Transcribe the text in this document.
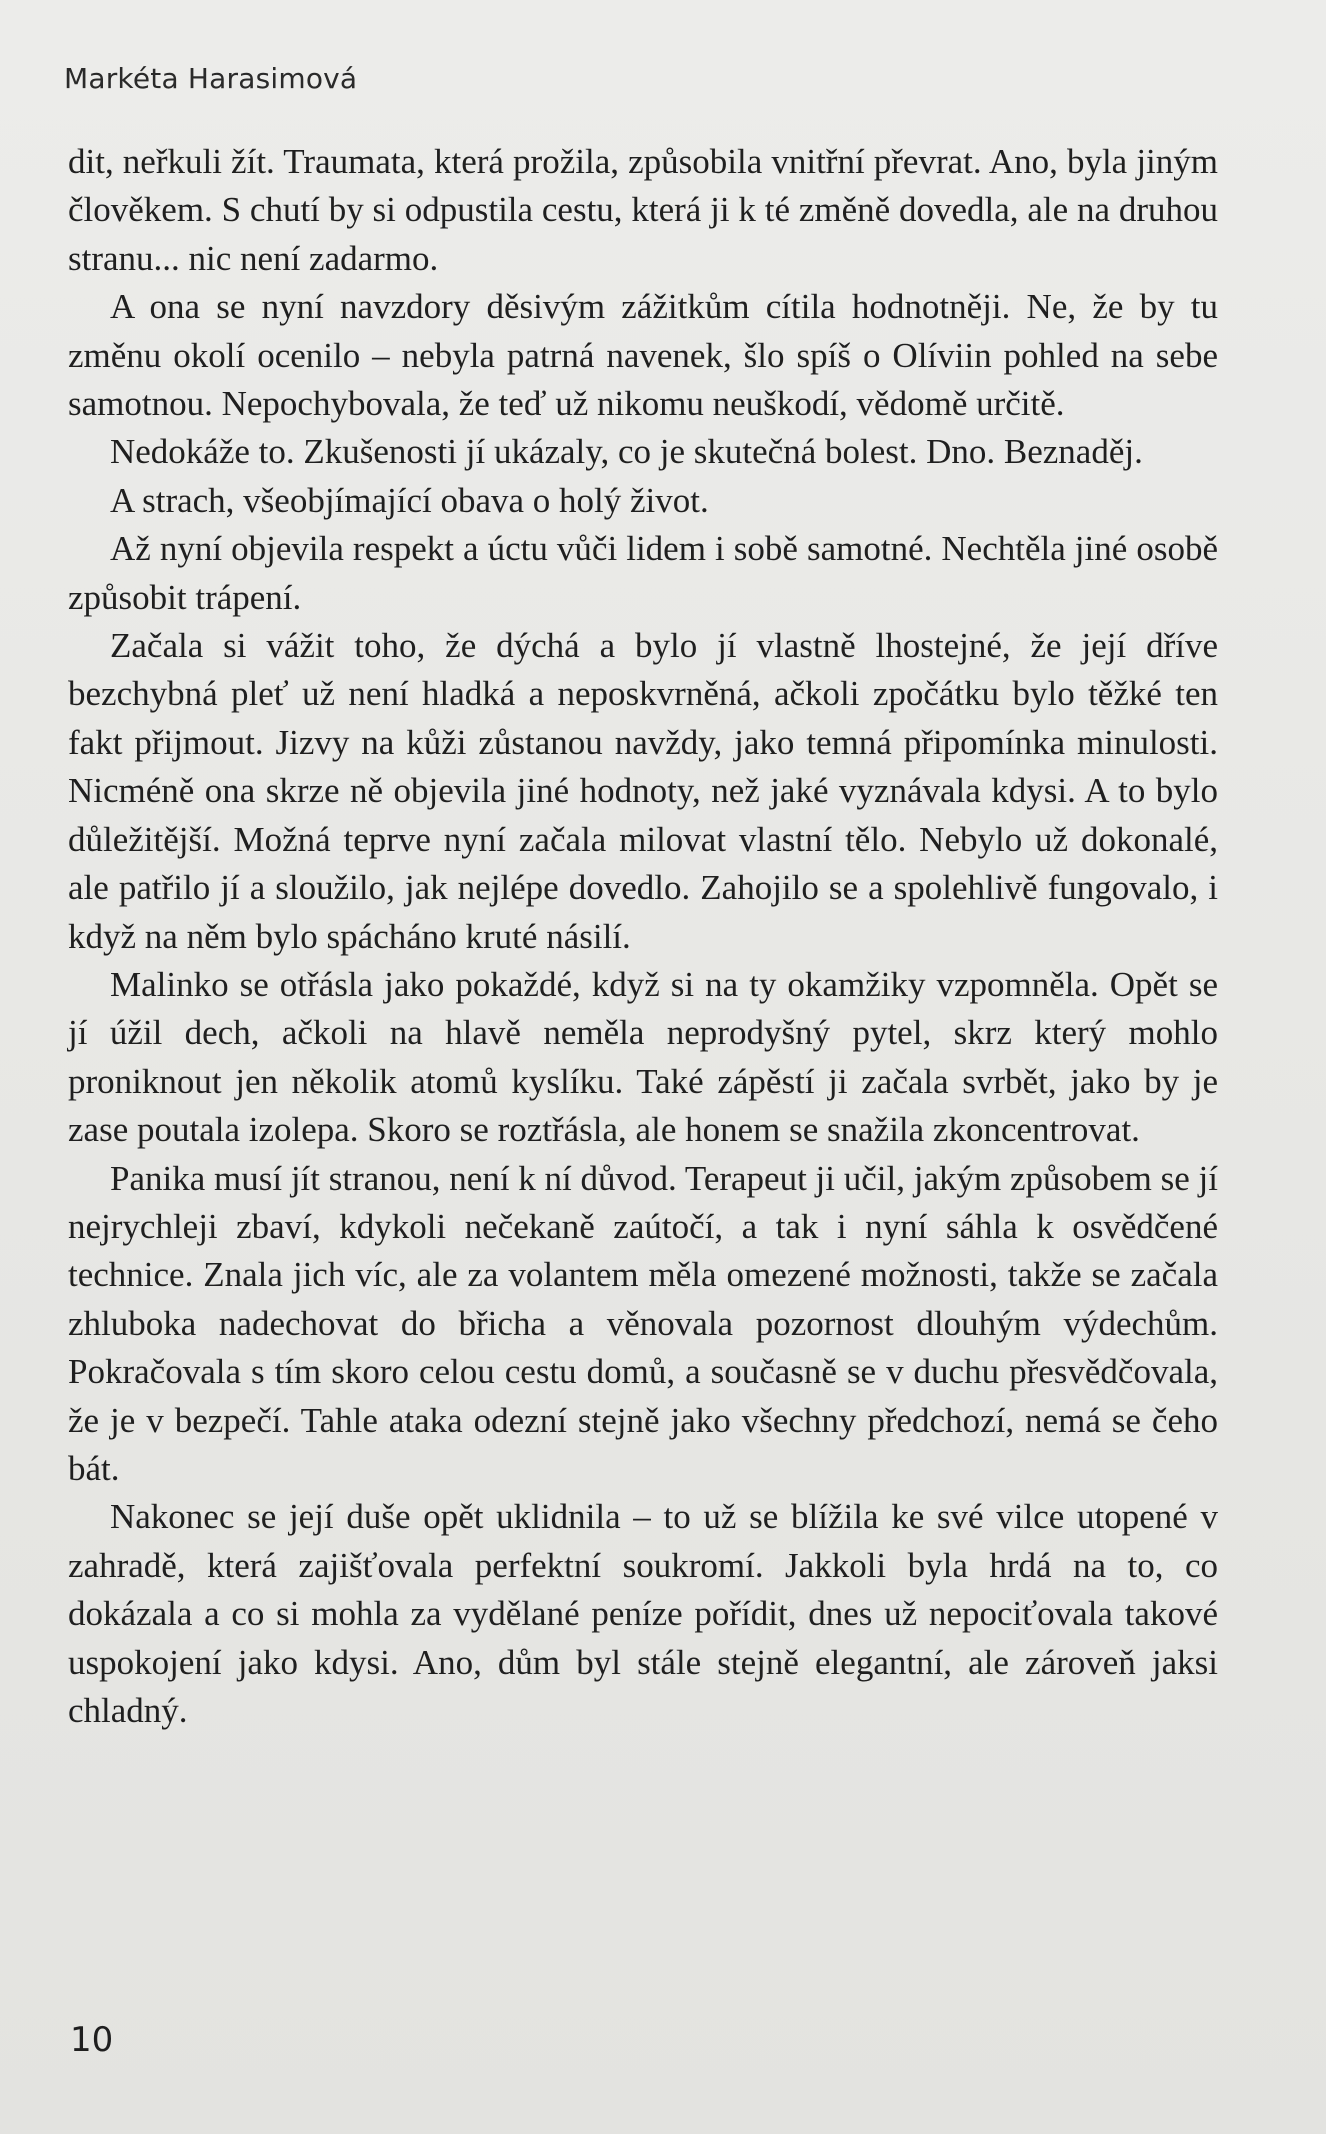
Markéta Harasimová

dit, neřkuli žít. Traumata, která prožila, způsobila vnitřní převrat. Ano, byla jiným člověkem. S chutí by si odpustila cestu, která ji k té změně dovedla, ale na druhou stranu... nic není zadarmo.

A ona se nyní navzdory děsivým zážitkům cítila hodnotněji. Ne, že by tu změnu okolí ocenilo – nebyla patrná navenek, šlo spíš o Olíviin pohled na sebe samotnou. Nepochybovala, že teď už nikomu neuškodí, vědomě určitě.

Nedokáže to. Zkušenosti jí ukázaly, co je skutečná bolest. Dno. Beznaděj.

A strach, všeobjímající obava o holý život.

Až nyní objevila respekt a úctu vůči lidem i sobě samotné. Nechtěla jiné osobě způsobit trápení.

Začala si vážit toho, že dýchá a bylo jí vlastně lhostejné, že její dříve bezchybná pleť už není hladká a neposkvrněná, ačkoli zpočátku bylo těžké ten fakt přijmout. Jizvy na kůži zůstanou navždy, jako temná připomínka minulosti. Nicméně ona skrze ně objevila jiné hodnoty, než jaké vyznávala kdysi. A to bylo důležitější. Možná teprve nyní začala milovat vlastní tělo. Nebylo už dokonalé, ale patřilo jí a sloužilo, jak nejlépe dovedlo. Zahojilo se a spolehlivě fungovalo, i když na něm bylo spácháno kruté násilí.

Malinko se otřásla jako pokaždé, když si na ty okamžiky vzpomněla. Opět se jí úžil dech, ačkoli na hlavě neměla neprodyšný pytel, skrz který mohlo proniknout jen několik atomů kyslíku. Také zápěstí ji začala svrbět, jako by je zase poutala izolepa. Skoro se roztřásla, ale honem se snažila zkoncentrovat.

Panika musí jít stranou, není k ní důvod. Terapeut ji učil, jakým způsobem se jí nejrychleji zbaví, kdykoli nečekaně zaútočí, a tak i nyní sáhla k osvědčené technice. Znala jich víc, ale za volantem měla omezené možnosti, takže se začala zhluboka nadechovat do břicha a věnovala pozornost dlouhým výdechům. Pokračovala s tím skoro celou cestu domů, a současně se v duchu přesvědčovala, že je v bezpečí. Tahle ataka odezní stejně jako všechny předchozí, nemá se čeho bát.

Nakonec se její duše opět uklidnila – to už se blížila ke své vilce utopené v zahradě, která zajišťovala perfektní soukromí. Jakkoli byla hrdá na to, co dokázala a co si mohla za vydělané peníze pořídit, dnes už nepociťovala takové uspokojení jako kdysi. Ano, dům byl stále stejně elegantní, ale zároveň jaksi chladný.

10
